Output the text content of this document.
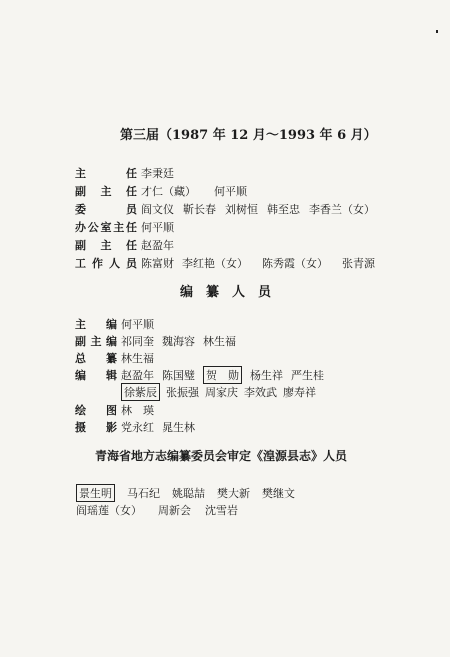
第三届（1987 年 12 月～1993 年 6 月）
主　　任 李秉廷
副 主 任 才仁（藏） 何平顺
委　　员 阎文仪 靳长春 刘树恒 韩至忠 李香兰（女）
办公室主任 何平顺
副 主 任 赵盈年
工作人员 陈富财 李红艳（女） 陈秀霞（女） 张青源
编　纂　人　员
主　编 何平顺
副主编 祁同奎 魏海容 林生福
总　纂 林生福
编　辑 赵盈年 陈国璧 贺　勋 杨生祥 严生桂
徐紫辰 张振强 周家庆 李效武 廖寿祥
绘　图 林　瑛
摄　影 党永红 晁生林
青海省地方志编纂委员会审定《湟源县志》人员
景生明 马石纪 姚聪喆 樊大新 樊继文
阎瑶莲（女） 周新会 沈雪岩
